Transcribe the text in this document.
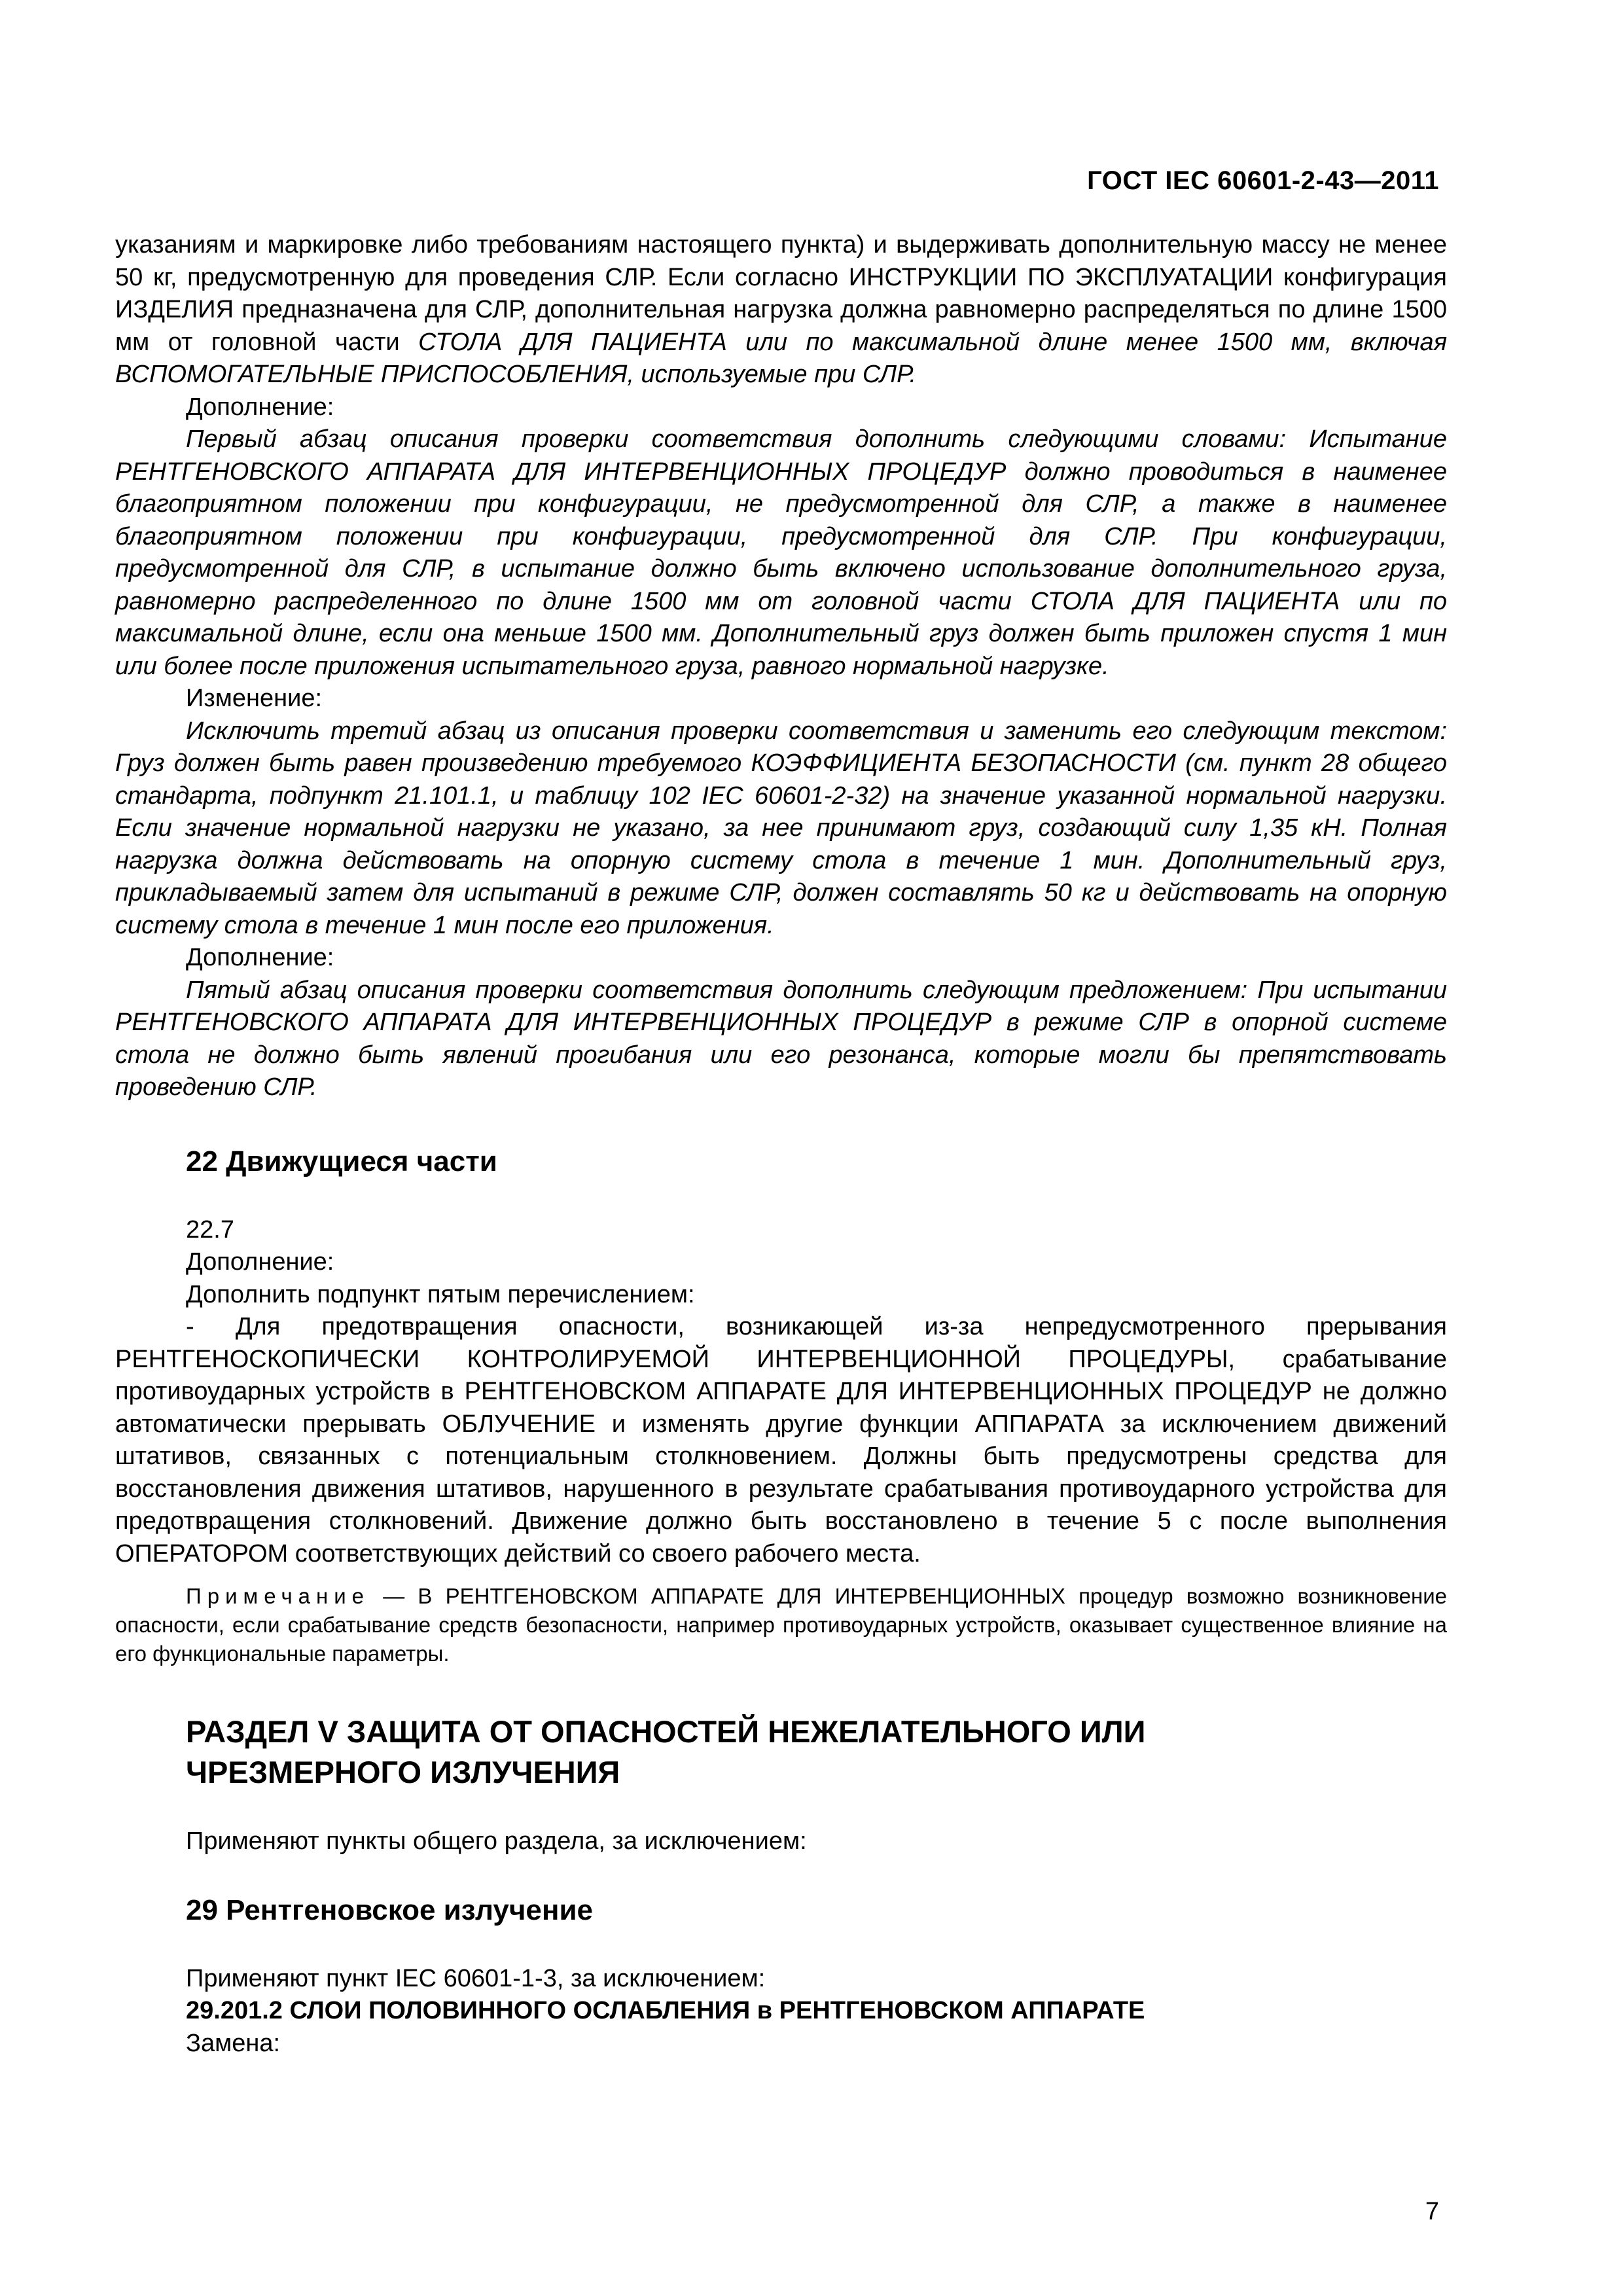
ГОСТ IEC 60601-2-43—2011

указаниям и маркировке либо требованиям настоящего пункта) и выдерживать дополнительную массу не менее 50 кг, предусмотренную для проведения СЛР. Если согласно ИНСТРУКЦИИ ПО ЭКСПЛУАТАЦИИ конфигурация ИЗДЕЛИЯ предназначена для СЛР, дополнительная нагрузка должна равномерно распределяться по длине 1500 мм от головной части СТОЛА ДЛЯ ПАЦИЕНТА или по максимальной длине менее 1500 мм, включая ВСПОМОГАТЕЛЬНЫЕ ПРИСПОСОБЛЕНИЯ, используемые при СЛР.

Дополнение:

Первый абзац описания проверки соответствия дополнить следующими словами: Испытание РЕНТГЕНОВСКОГО АППАРАТА ДЛЯ ИНТЕРВЕНЦИОННЫХ ПРОЦЕДУР должно проводиться в наименее благоприятном положении при конфигурации, не предусмотренной для СЛР, а также в наименее благоприятном положении при конфигурации, предусмотренной для СЛР. При конфигурации, предусмотренной для СЛР, в испытание должно быть включено использование дополнительного груза, равномерно распределенного по длине 1500 мм от головной части СТОЛА ДЛЯ ПАЦИЕНТА или по максимальной длине, если она меньше 1500 мм. Дополнительный груз должен быть приложен спустя 1 мин или более после приложения испытательного груза, равного нормальной нагрузке.

Изменение:

Исключить третий абзац из описания проверки соответствия и заменить его следующим текстом: Груз должен быть равен произведению требуемого КОЭФФИЦИЕНТА БЕЗОПАСНОСТИ (см. пункт 28 общего стандарта, подпункт 21.101.1, и таблицу 102 IEC 60601-2-32) на значение указанной нормальной нагрузки. Если значение нормальной нагрузки не указано, за нее принимают груз, создающий силу 1,35 кН. Полная нагрузка должна действовать на опорную систему стола в течение 1 мин. Дополнительный груз, прикладываемый затем для испытаний в режиме СЛР, должен составлять 50 кг и действовать на опорную систему стола в течение 1 мин после его приложения.

Дополнение:

Пятый абзац описания проверки соответствия дополнить следующим предложением: При испытании РЕНТГЕНОВСКОГО АППАРАТА ДЛЯ ИНТЕРВЕНЦИОННЫХ ПРОЦЕДУР в режиме СЛР в опорной системе стола не должно быть явлений прогибания или его резонанса, которые могли бы препятствовать проведению СЛР.

22 Движущиеся части

22.7

Дополнение:

Дополнить подпункт пятым перечислением:

- Для предотвращения опасности, возникающей из-за непредусмотренного прерывания РЕНТГЕНОСКОПИЧЕСКИ КОНТРОЛИРУЕМОЙ ИНТЕРВЕНЦИОННОЙ ПРОЦЕДУРЫ, срабатывание противоударных устройств в РЕНТГЕНОВСКОМ АППАРАТЕ ДЛЯ ИНТЕРВЕНЦИОННЫХ ПРОЦЕДУР не должно автоматически прерывать ОБЛУЧЕНИЕ и изменять другие функции АППАРАТА за исключением движений штативов, связанных с потенциальным столкновением. Должны быть предусмотрены средства для восстановления движения штативов, нарушенного в результате срабатывания противоударного устройства для предотвращения столкновений. Движение должно быть восстановлено в течение 5 с после выполнения ОПЕРАТОРОМ соответствующих действий со своего рабочего места.

Примечание — В РЕНТГЕНОВСКОМ АППАРАТЕ ДЛЯ ИНТЕРВЕНЦИОННЫХ процедур возможно возникновение опасности, если срабатывание средств безопасности, например противоударных устройств, оказывает существенное влияние на его функциональные параметры.

РАЗДЕЛ V ЗАЩИТА ОТ ОПАСНОСТЕЙ НЕЖЕЛАТЕЛЬНОГО ИЛИ
ЧРЕЗМЕРНОГО ИЗЛУЧЕНИЯ

Применяют пункты общего раздела, за исключением:

29 Рентгеновское излучение

Применяют пункт IEC 60601-1-3, за исключением:

29.201.2 СЛОИ ПОЛОВИННОГО ОСЛАБЛЕНИЯ в РЕНТГЕНОВСКОМ АППАРАТЕ

Замена:

7
